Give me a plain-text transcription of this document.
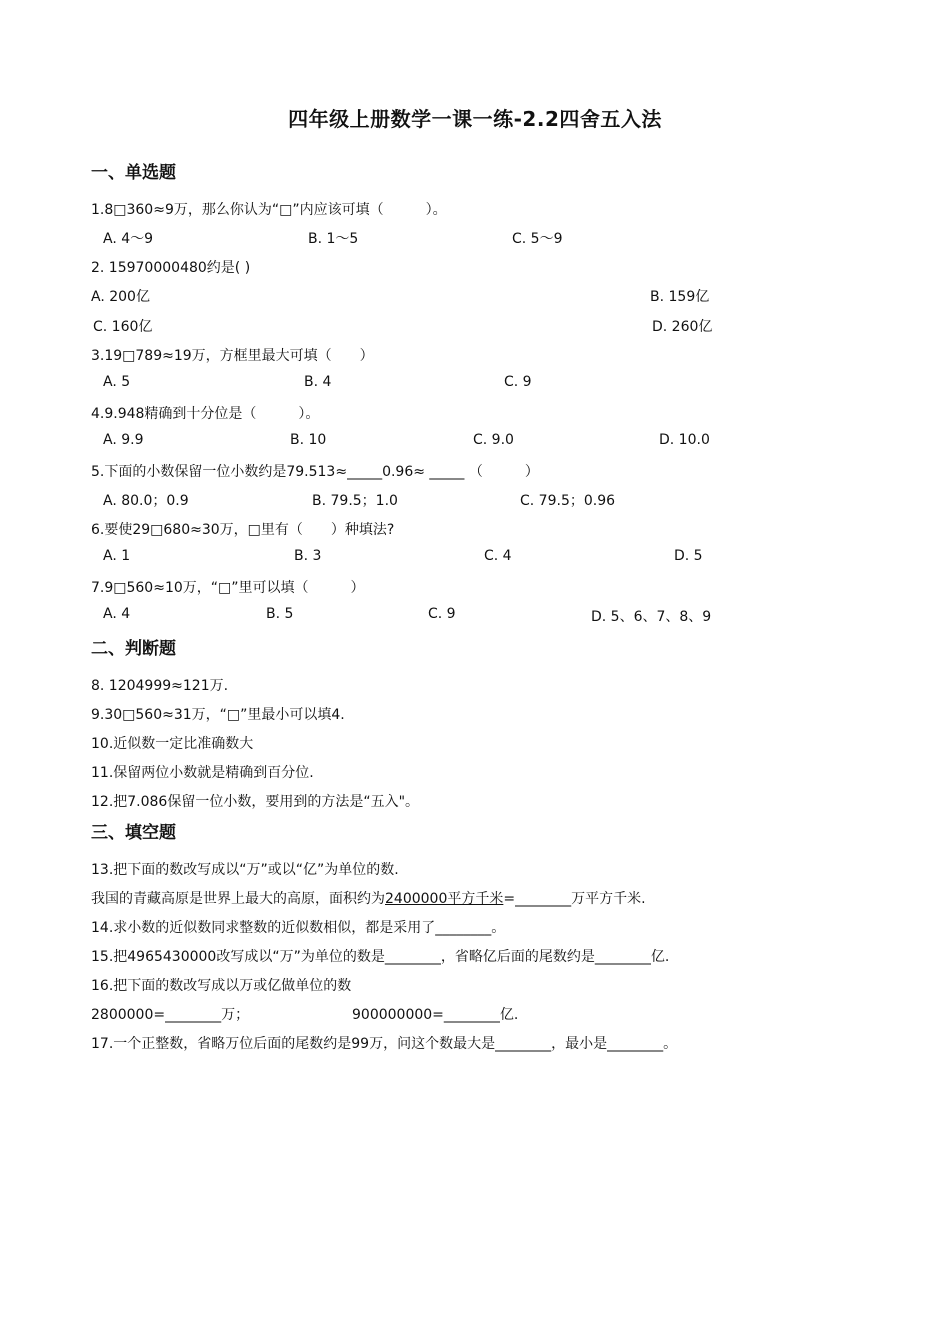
四年级上册数学一课一练-2.2四舍五入法
一、单选题
1.8□360≈9万，那么你认为“□”内应该可填（　　　）。
A. 4～9	B. 1～5	C. 5～9
2. 15970000480约是( )
A. 200亿	B. 159亿
C. 160亿	D. 260亿
3.19□789≈19万，方框里最大可填（　　）
A. 5	B. 4	C. 9
4.9.948精确到十分位是（　　　）。
A. 9.9	B. 10	C. 9.0	D. 10.0
5.下面的小数保留一位小数约是79.513≈_____0.96≈ _____ （　　　）
A. 80.0；0.9	B. 79.5；1.0	C. 79.5；0.96
6.要使29□680≈30万，□里有（　　）种填法?
A. 1	B. 3	C. 4	D. 5
7.9□560≈10万，“□”里可以填（　　　）
A. 4	B. 5	C. 9	D. 5、6、7、8、9
二、判断题
8. 1204999≈121万.
9.30□560≈31万，“□”里最小可以填4.
10.近似数一定比准确数大
11.保留两位小数就是精确到百分位.
12.把7.086保留一位小数，要用到的方法是“五入"。
三、填空题
13.把下面的数改写成以“万”或以“亿”为单位的数.
我国的青藏高原是世界上最大的高原，面积约为2400000平方千米=________万平方千米.
14.求小数的近似数同求整数的近似数相似，都是采用了________。
15.把4965430000改写成以“万”为单位的数是________，省略亿后面的尾数约是________亿.
16.把下面的数改写成以万或亿做单位的数
2800000=________万；	900000000=________亿.
17.一个正整数，省略万位后面的尾数约是99万，问这个数最大是________，最小是________。
